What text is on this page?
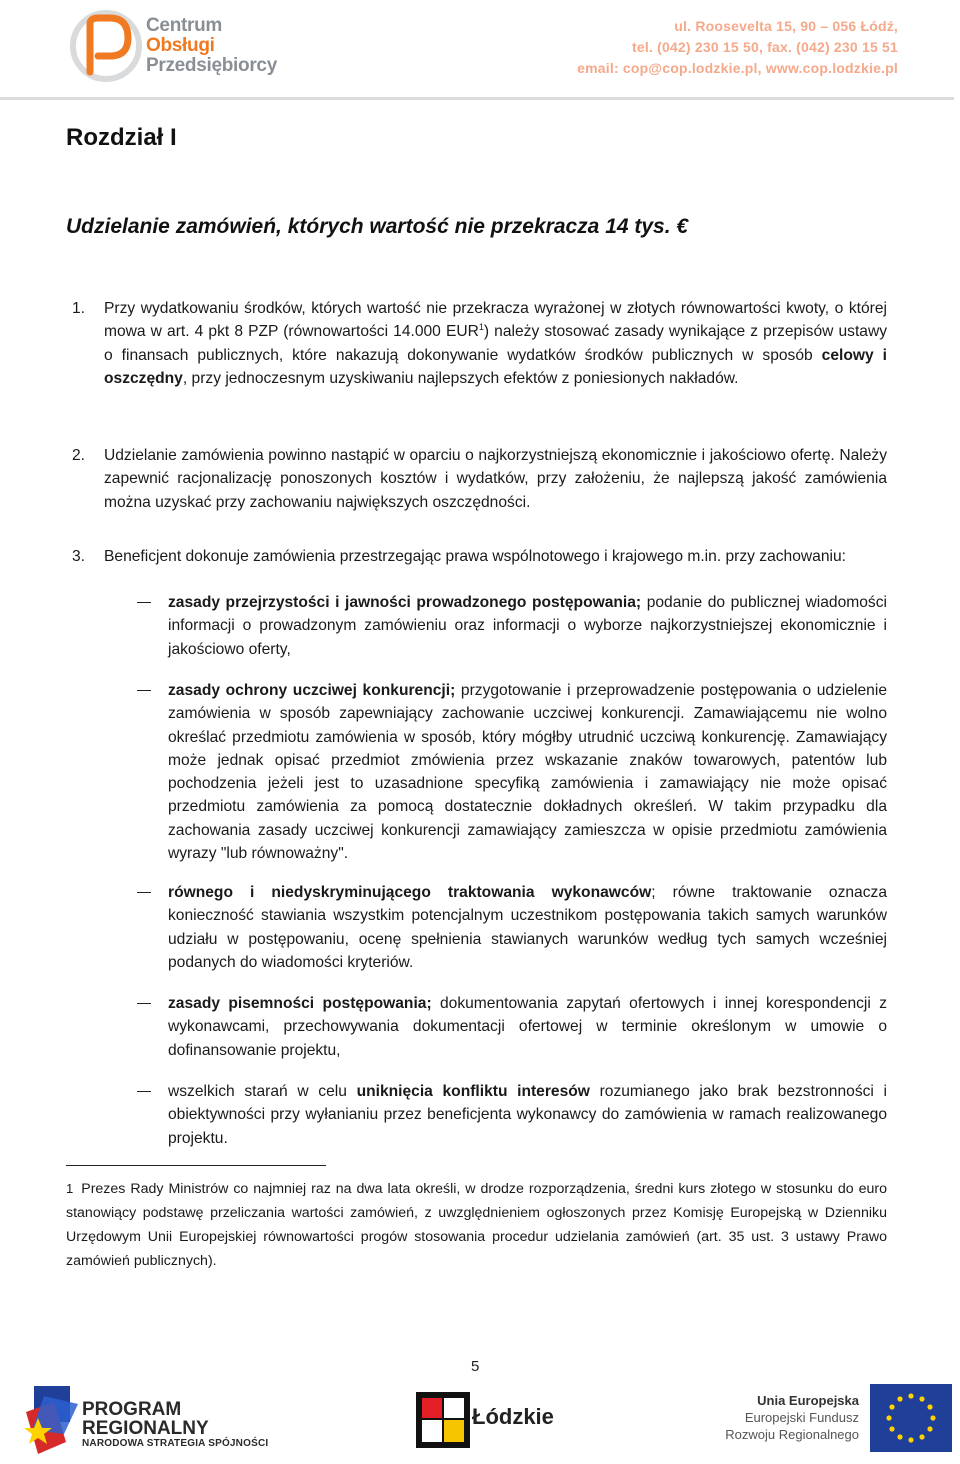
Centrum
Obsługi
Przedsiębiorcy
ul. Roosevelta 15, 90 – 056 Łódź,
tel. (042) 230 15 50, fax. (042) 230 15 51
email: cop@cop.lodzkie.pl, www.cop.lodzkie.pl
Rozdział I
Udzielanie zamówień, których wartość nie przekracza 14 tys. €
1. Przy wydatkowaniu środków, których wartość nie przekracza wyrażonej w złotych równowartości kwoty, o której mowa w art. 4 pkt 8 PZP (równowartości 14.000 EUR$^1$) należy stosować zasady wynikające z przepisów ustawy o finansach publicznych, które nakazują dokonywanie wydatków środków publicznych w sposób celowy i oszczędny, przy jednoczesnym uzyskiwaniu najlepszych efektów z poniesionych nakładów.
2. Udzielanie zamówienia powinno nastąpić w oparciu o najkorzystniejszą ekonomicznie i jakościowo ofertę. Należy zapewnić racjonalizację ponoszonych kosztów i wydatków, przy założeniu, że najlepszą jakość zamówienia można uzyskać przy zachowaniu największych oszczędności.
3. Beneficjent dokonuje zamówienia przestrzegając prawa wspólnotowego i krajowego m.in. przy zachowaniu:
zasady przejrzystości i jawności prowadzonego postępowania; podanie do publicznej wiadomości informacji o prowadzonym zamówieniu oraz informacji o wyborze najkorzystniejszej ekonomicznie i jakościowo oferty,
zasady ochrony uczciwej konkurencji; przygotowanie i przeprowadzenie postępowania o udzielenie zamówienia w sposób zapewniający zachowanie uczciwej konkurencji. Zamawiającemu nie wolno określać przedmiotu zamówienia w sposób, który mógłby utrudnić uczciwą konkurencję. Zamawiający może jednak opisać przedmiot zmówienia przez wskazanie znaków towarowych, patentów lub pochodzenia jeżeli jest to uzasadnione specyfiką zamówienia i zamawiający nie może opisać przedmiotu zamówienia za pomocą dostatecznie dokładnych określeń. W takim przypadku dla zachowania zasady uczciwej konkurencji zamawiający zamieszcza w opisie przedmiotu zamówienia wyrazy "lub równoważny".
równego i niedyskryminującego traktowania wykonawców; równe traktowanie oznacza konieczność stawiania wszystkim potencjalnym uczestnikom postępowania takich samych warunków udziału w postępowaniu, ocenę spełnienia stawianych warunków według tych samych wcześniej podanych do wiadomości kryteriów.
zasady pisemności postępowania; dokumentowania zapytań ofertowych i innej korespondencji z wykonawcami, przechowywania dokumentacji ofertowej w terminie określonym w umowie o dofinansowanie projektu,
wszelkich starań w celu uniknięcia konfliktu interesów rozumianego jako brak bezstronności i obiektywności przy wyłanianiu przez beneficjenta wykonawcy do zamówienia w ramach realizowanego projektu.
1 Prezes Rady Ministrów co najmniej raz na dwa lata określi, w drodze rozporządzenia, średni kurs złotego w stosunku do euro stanowiący podstawę przeliczania wartości zamówień, z uwzględnieniem ogłoszonych przez Komisję Europejską w Dzienniku Urzędowym Unii Europejskiej równowartości progów stosowania procedur udzielania zamówień (art. 35 ust. 3 ustawy Prawo zamówień publicznych).
5
PROGRAM
REGIONALNY
NARODOWA STRATEGIA SPÓJNOŚCI
Łódzkie
Unia Europejska
Europejski Fundusz
Rozwoju Regionalnego
